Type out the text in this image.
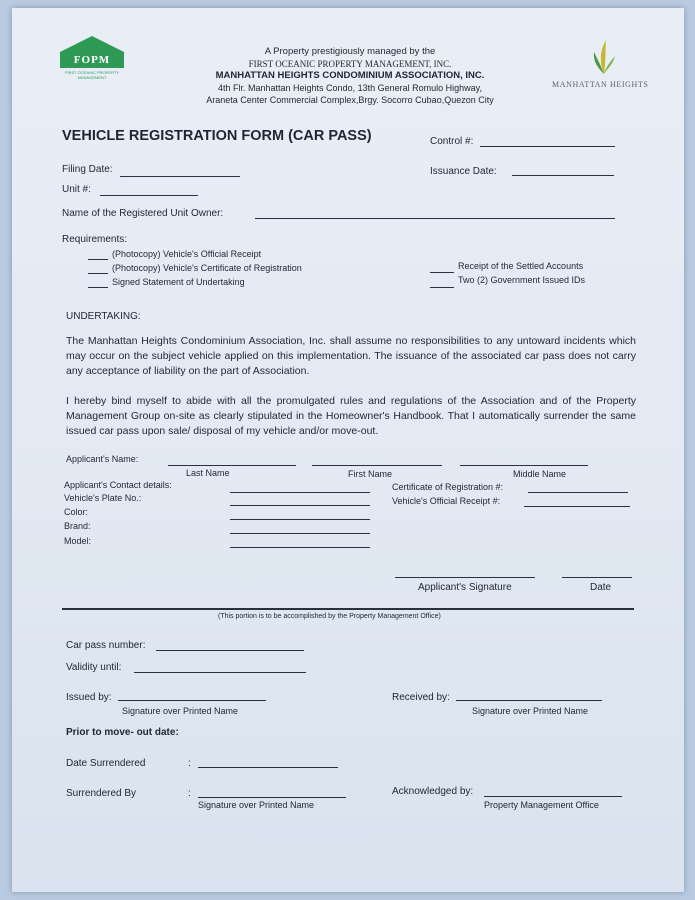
FOPM
FIRST OCEANIC PROPERTY MANAGEMENT
MANHATTAN HEIGHTS
A Property prestigiously managed by the
FIRST OCEANIC PROPERTY MANAGEMENT, INC.
MANHATTAN HEIGHTS CONDOMINIUM ASSOCIATION, INC.
4th Flr. Manhattan Heights Condo, 13th General Romulo Highway,
Araneta Center Commercial Complex,Brgy. Socorro Cubao,Quezon City
VEHICLE REGISTRATION FORM (CAR PASS)	Control #:
Filing Date:	Issuance Date:
Unit #:
Name of the Registered Unit Owner:
Requirements:
(Photocopy) Vehicle's Official Receipt
(Photocopy) Vehicle's Certificate of Registration
Signed Statement of Undertaking
Receipt of the Settled Accounts
Two (2) Government Issued IDs
UNDERTAKING:
The Manhattan Heights Condominium Association, Inc. shall assume no responsibilities to any untoward incidents which may occur on the subject vehicle applied on this implementation. The issuance of the associated car pass does not carry any acceptance of liability on the part of Association.
I hereby bind myself to abide with all the promulgated rules and regulations of the Association and of the Property Management Group on-site as clearly stipulated in the Homeowner's Handbook. That I automatically surrender the same issued car pass upon sale/ disposal of my vehicle and/or move-out.
Applicant's Name:
Last Name	First Name	Middle Name
Applicant's Contact details:
Vehicle's Plate No.:
Color:
Brand:
Model:
Certificate of Registration #:
Vehicle's Official Receipt #:
Applicant's Signature	Date
(This portion is to be accomplished by the Property Management Office)
Car pass number:
Validity until:
Issued by:
Signature over Printed Name
Received by:
Signature over Printed Name
Prior to move- out date:
Date Surrendered	:
Surrendered By	:
Signature over Printed Name
Acknowledged by:
Property Management Office
